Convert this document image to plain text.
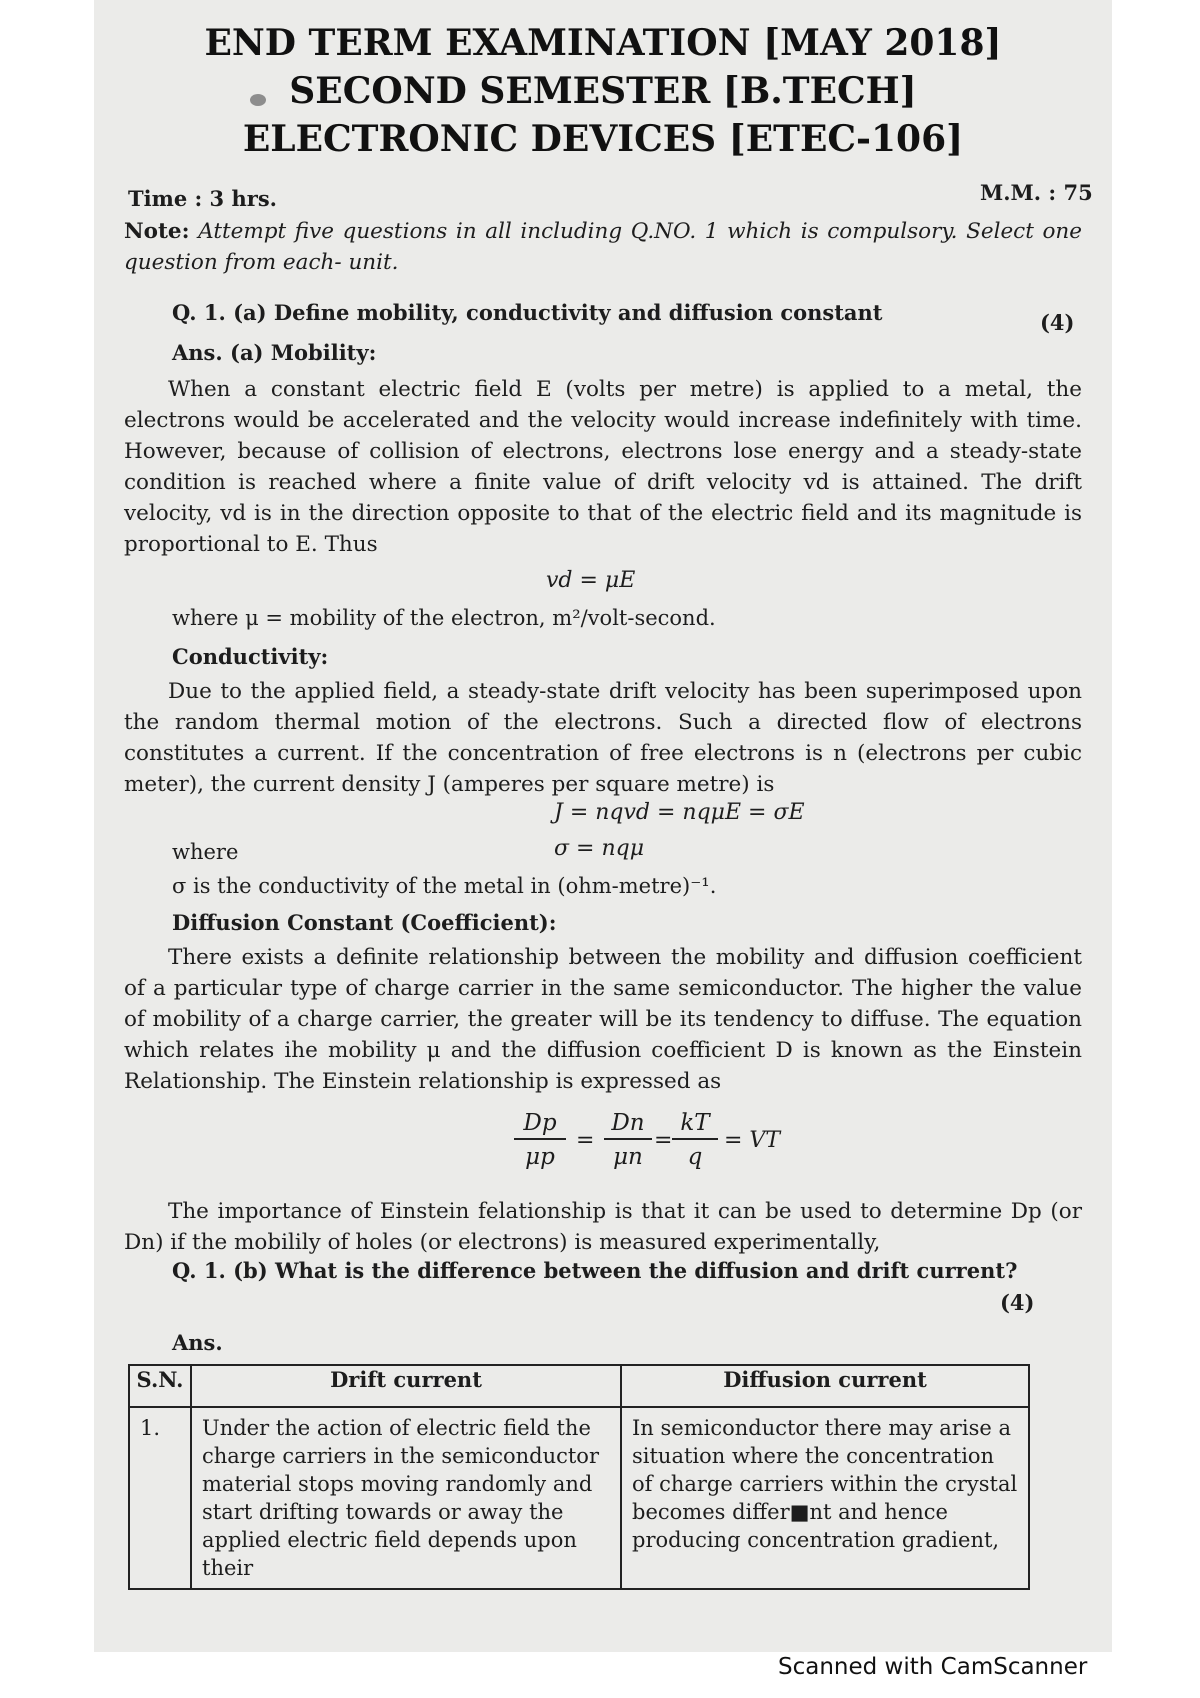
END TERM EXAMINATION [MAY 2018]
SECOND SEMESTER [B.TECH]
ELECTRONIC DEVICES [ETEC-106]
Time : 3 hrs.	M.M. : 75
Note: Attempt five questions in all including Q.NO. 1 which is compulsory. Select one question from each- unit.
Q. 1. (a) Define mobility, conductivity and diffusion constant	(4)
Ans. (a) Mobility:
When a constant electric field E (volts per metre) is applied to a metal, the electrons would be accelerated and the velocity would increase indefinitely with time. However, because of collision of electrons, electrons lose energy and a steady-state condition is reached where a finite value of drift velocity vd is attained. The drift velocity, vd is in the direction opposite to that of the electric field and its magnitude is proportional to E. Thus
vd = μE
where μ = mobility of the electron, m²/volt-second.
Conductivity:
Due to the applied field, a steady-state drift velocity has been superimposed upon the random thermal motion of the electrons. Such a directed flow of electrons constitutes a current. If the concentration of free electrons is n (electrons per cubic meter), the current density J (amperes per square metre) is
J = nqvd = nqμE = σE
where	σ = nqμ
σ is the conductivity of the metal in (ohm-metre)⁻¹.
Diffusion Constant (Coefficient):
There exists a definite relationship between the mobility and diffusion coefficient of a particular type of charge carrier in the same semiconductor. The higher the value of mobility of a charge carrier, the greater will be its tendency to diffuse. The equation which relates ihe mobility μ and the diffusion coefficient D is known as the Einstein Relationship. The Einstein relationship is expressed as
$\frac{Dp}{\mu p} = \frac{Dn}{\mu n} = \frac{kT}{q}$ = VT
The importance of Einstein felationship is that it can be used to determine Dp (or Dn) if the mobilily of holes (or electrons) is measured experimentally,
Q. 1. (b) What is the difference between the diffusion and drift current?
(4)
Ans.
S.N.	Drift current	Diffusion current
1.	Under the action of electric field the charge carriers in the semiconductor material stops moving randomly and start drifting towards or away the applied electric field depends upon their	In semiconductor there may arise a situation where the concentration of charge carriers within the crystal becomes differ■nt and hence producing concentration gradient,
Scanned with CamScanner
